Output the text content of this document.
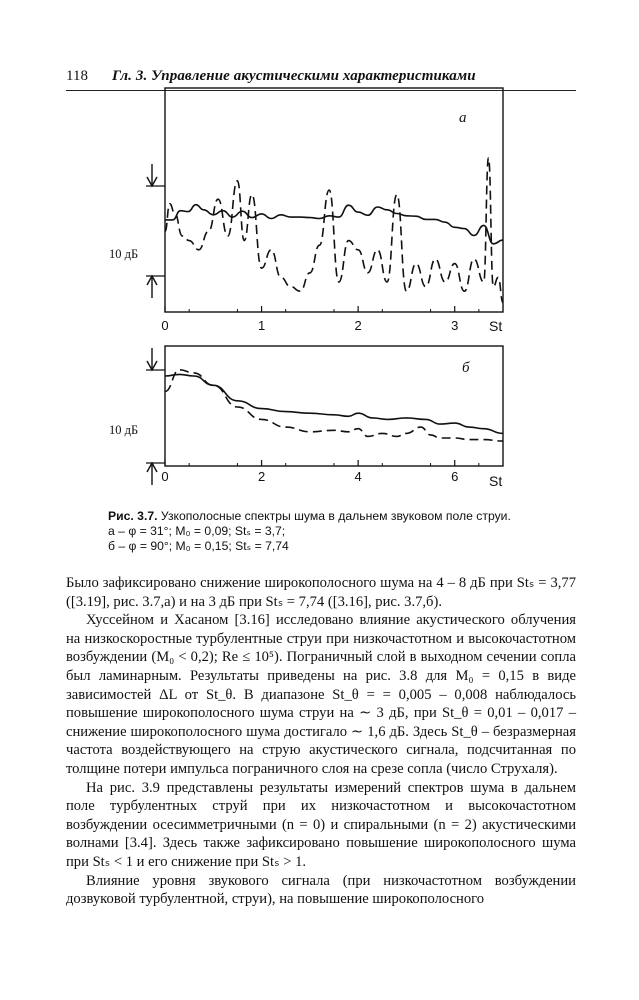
118 Гл. 3. Управление акустическими характеристиками
0	1	2	3 St
а
10 дБ
0	2	4	6 St
б
10 дБ
Рис. 3.7. Узкополосные спектры шума в дальнем звуковом поле струи.
а – φ = 31°; M₀ = 0,09; Stₛ = 3,7;
б – φ = 90°; M₀ = 0,15; Stₛ = 7,74

Было зафиксировано снижение широкополосного шума на 4 – 8 дБ при Stₛ = 3,77 ([3.19], рис. 3.7,а) и на 3 дБ при Stₛ = 7,74 ([3.16], рис. 3.7,б).

Хуссейном и Хасаном [3.16] исследовано влияние акустического облучения на низкоскоростные турбулентные струи при низкочастотном и высокочастотном возбуждении (M₀ < 0,2); Re ≤ 10⁵). Пограничный слой в выходном сечении сопла был ламинарным. Результаты приведены на рис. 3.8 для M₀ = 0,15 в виде зависимостей ΔL от St_θ. В диапазоне St_θ = = 0,005 – 0,008 наблюдалось повышение широкополосного шума струи на ∼ 3 дБ, при St_θ = 0,01 – 0,017 – снижение широкополосного шума достигало ∼ 1,6 дБ. Здесь St_θ – безразмерная частота воздействующего на струю акустического сигнала, подсчитанная по толщине потери импульса пограничного слоя на срезе сопла (число Струхаля).

На рис. 3.9 представлены результаты измерений спектров шума в дальнем поле турбулентных струй при их низкочастотном и высокочастотном возбуждении осесимметричными (n = 0) и спиральными (n = 2) акустическими волнами [3.4]. Здесь также зафиксировано повышение широкополосного шума при Stₛ < 1 и его снижение при Stₛ > 1.

Влияние уровня звукового сигнала (при низкочастотном возбуждении дозвуковой турбулентной, струи), на повышение широкополосного
